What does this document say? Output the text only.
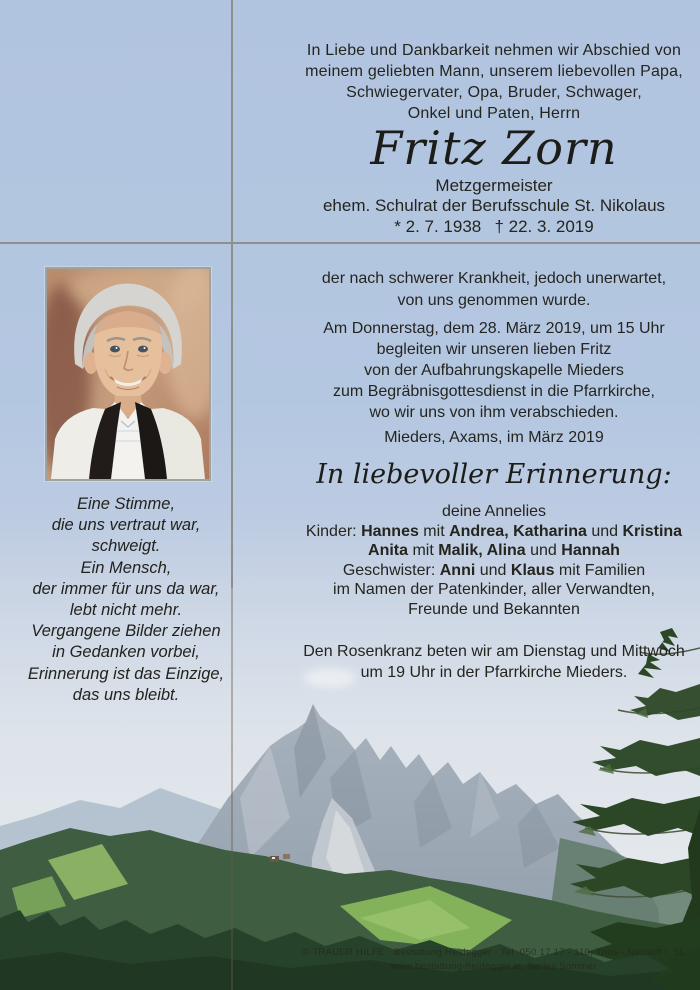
In Liebe und Dankbarkeit nehmen wir Abschied von
meinem geliebten Mann, unserem liebevollen Papa,
Schwiegervater, Opa, Bruder, Schwager,
Onkel und Paten, Herrn
Fritz Zorn
Metzgermeister
ehem. Schulrat der Berufsschule St. Nikolaus
* 2. 7. 1938  † 22. 3. 2019
der nach schwerer Krankheit, jedoch unerwartet,
von uns genommen wurde.
Am Donnerstag, dem 28. März 2019, um 15 Uhr
begleiten wir unseren lieben Fritz
von der Aufbahrungskapelle Mieders
zum Begräbnisgottesdienst in die Pfarrkirche,
wo wir uns von ihm verabschieden.
Mieders, Axams, im März 2019
In liebevoller Erinnerung:
deine Annelies
Kinder: Hannes mit Andrea, Katharina und Kristina
Anita mit Malik, Alina und Hannah
Geschwister: Anni und Klaus mit Familien
im Namen der Patenkinder, aller Verwandten,
Freunde und Bekannten
Den Rosenkranz beten wir am Dienstag und Mittwoch
um 19 Uhr in der Pfarrkirche Mieders.
Eine Stimme,
die uns vertraut war,
schweigt.
Ein Mensch,
der immer für uns da war,
lebt nicht mehr.
Vergangene Bilder ziehen
in Gedanken vorbei,
Erinnerung ist das Einzige,
das uns bleibt.
© TRAUER HILFE · Bestattung Heidegger · Tel. 050 17 17 - 110, Trins - Neustift i. St.
www.bestattung-heidegger.at, Serles Sommer
